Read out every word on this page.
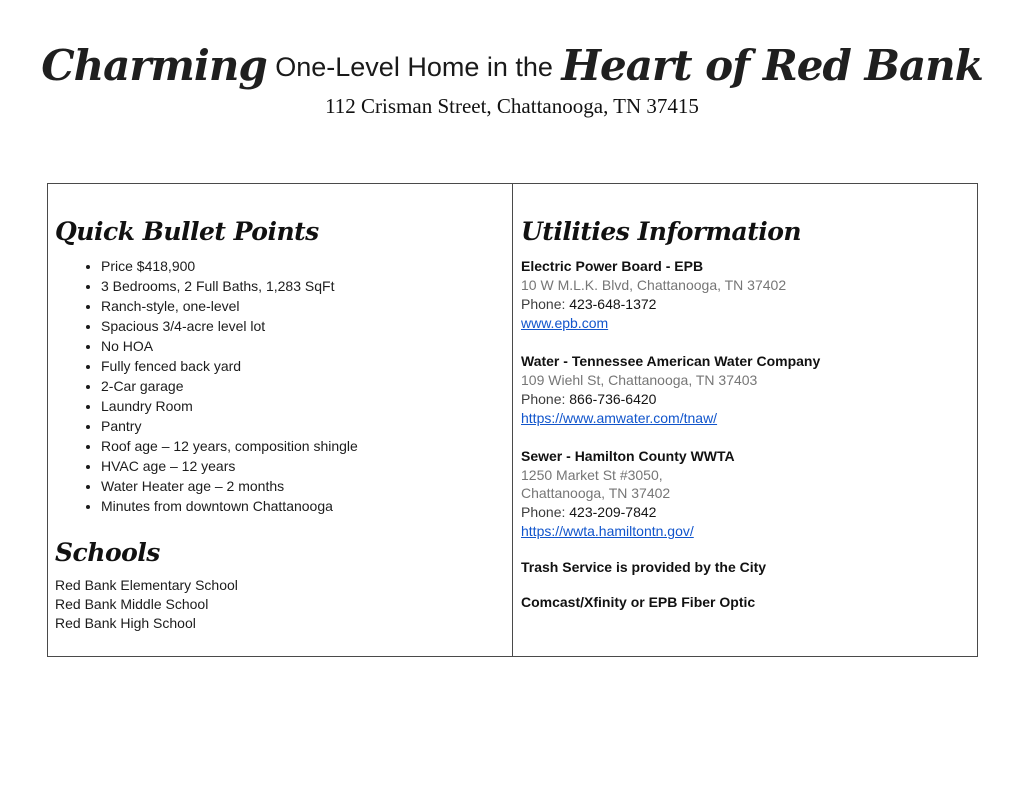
Charming One-Level Home in the Heart of Red Bank
112 Crisman Street, Chattanooga, TN 37415
Quick Bullet Points
• Price $418,900
• 3 Bedrooms, 2 Full Baths, 1,283 SqFt
• Ranch-style, one-level
• Spacious 3/4-acre level lot
• No HOA
• Fully fenced back yard
• 2-Car garage
• Laundry Room
• Pantry
• Roof age – 12 years, composition shingle
• HVAC age – 12 years
• Water Heater age – 2 months
• Minutes from downtown Chattanooga
Schools
Red Bank Elementary School
Red Bank Middle School
Red Bank High School
Utilities Information
Electric Power Board - EPB
10 W M.L.K. Blvd, Chattanooga, TN 37402
Phone: 423-648-1372
www.epb.com
Water - Tennessee American Water Company
109 Wiehl St, Chattanooga, TN 37403
Phone: 866-736-6420
https://www.amwater.com/tnaw/
Sewer - Hamilton County WWTA
1250 Market St #3050,
Chattanooga, TN 37402
Phone: 423-209-7842
https://wwta.hamiltontn.gov/
Trash Service is provided by the City
Comcast/Xfinity or EPB Fiber Optic
